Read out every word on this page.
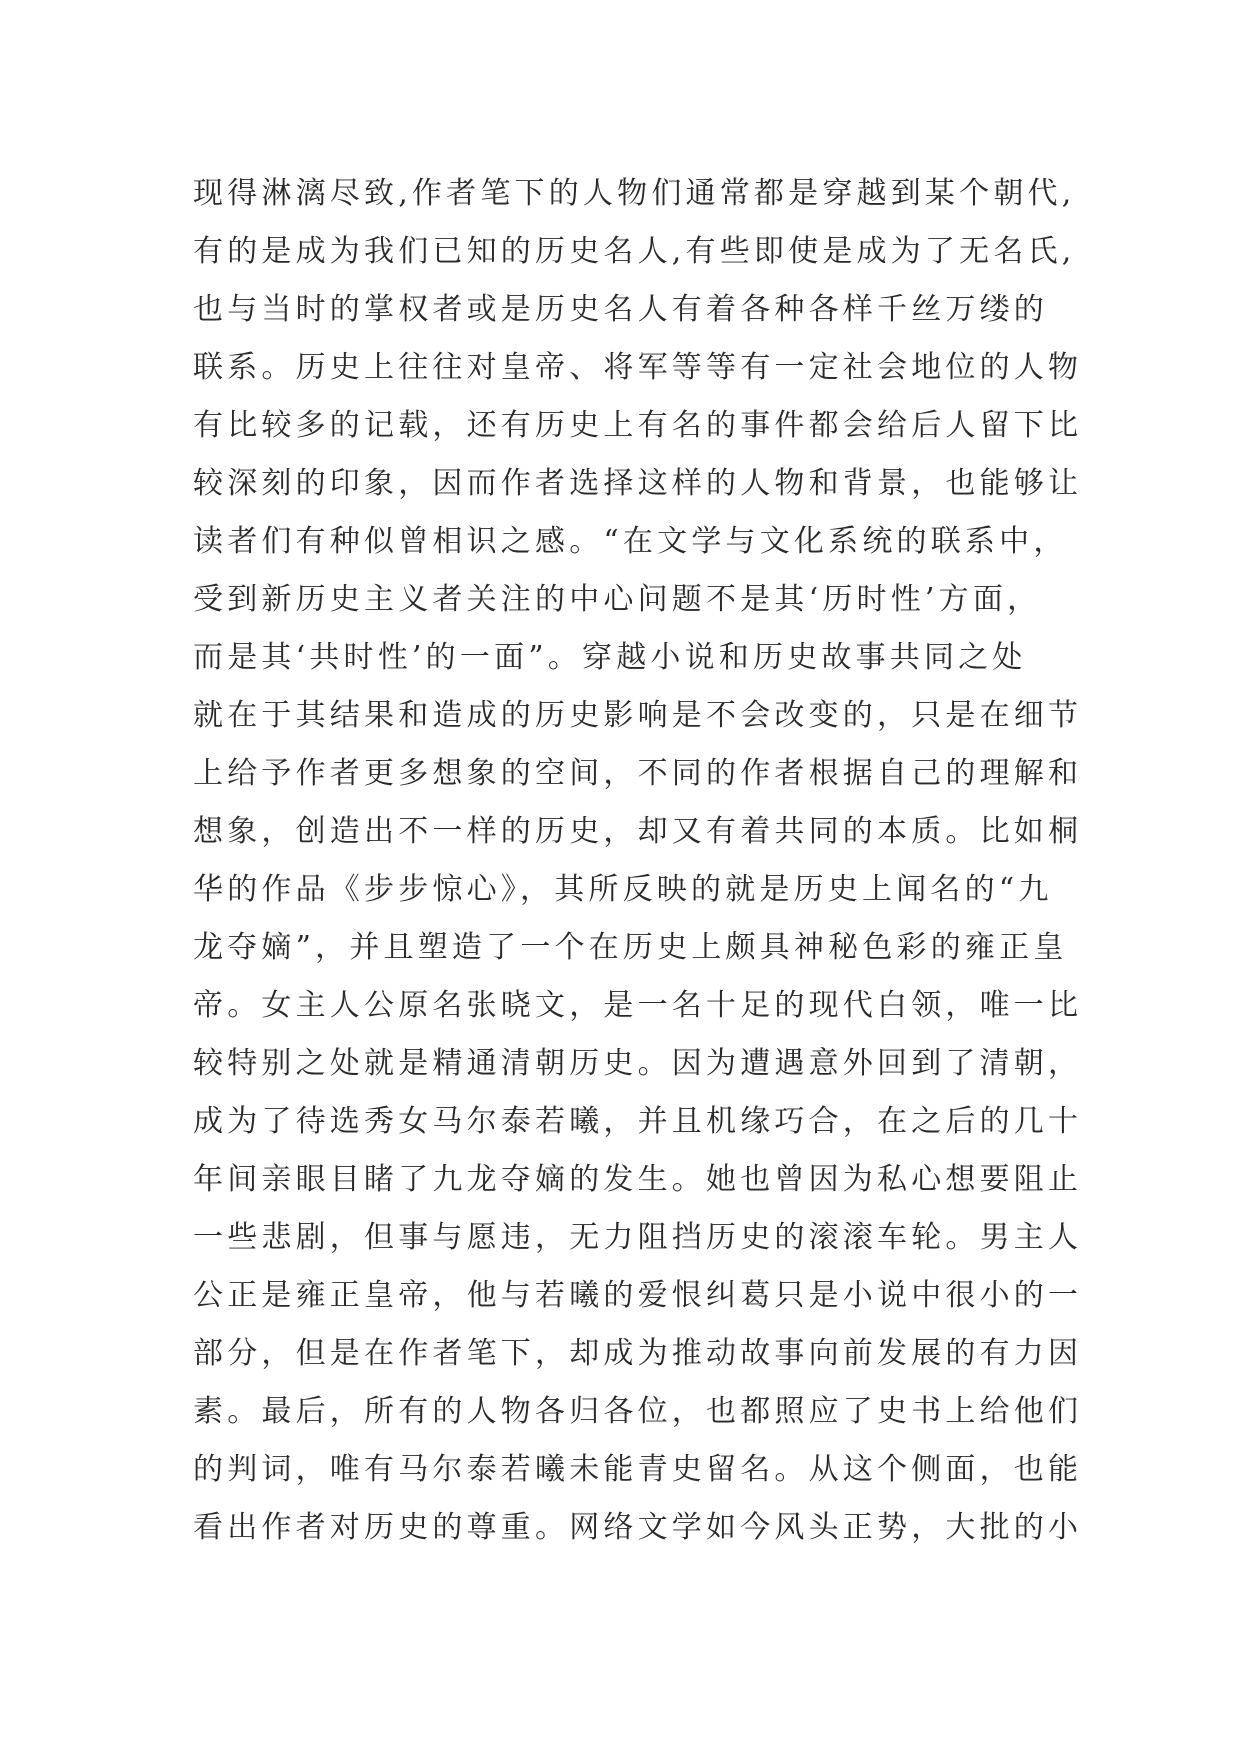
现得淋漓尽致,作者笔下的人物们通常都是穿越到某个朝代,
有的是成为我们已知的历史名人,有些即使是成为了无名氏,
也与当时的掌权者或是历史名人有着各种各样千丝万缕的
联系。历史上往往对皇帝、将军等等有一定社会地位的人物
有比较多的记载，还有历史上有名的事件都会给后人留下比
较深刻的印象，因而作者选择这样的人物和背景，也能够让
读者们有种似曾相识之感。“在文学与文化系统的联系中，
受到新历史主义者关注的中心问题不是其‘历时性’方面，
而是其‘共时性’的一面”。穿越小说和历史故事共同之处
就在于其结果和造成的历史影响是不会改变的，只是在细节
上给予作者更多想象的空间，不同的作者根据自己的理解和
想象，创造出不一样的历史，却又有着共同的本质。比如桐
华的作品《步步惊心》，其所反映的就是历史上闻名的“九
龙夺嫡”，并且塑造了一个在历史上颇具神秘色彩的雍正皇
帝。女主人公原名张晓文，是一名十足的现代白领，唯一比
较特别之处就是精通清朝历史。因为遭遇意外回到了清朝，
成为了待选秀女马尔泰若曦，并且机缘巧合，在之后的几十
年间亲眼目睹了九龙夺嫡的发生。她也曾因为私心想要阻止
一些悲剧，但事与愿违，无力阻挡历史的滚滚车轮。男主人
公正是雍正皇帝，他与若曦的爱恨纠葛只是小说中很小的一
部分，但是在作者笔下，却成为推动故事向前发展的有力因
素。最后，所有的人物各归各位，也都照应了史书上给他们
的判词，唯有马尔泰若曦未能青史留名。从这个侧面，也能
看出作者对历史的尊重。网络文学如今风头正势，大批的小
